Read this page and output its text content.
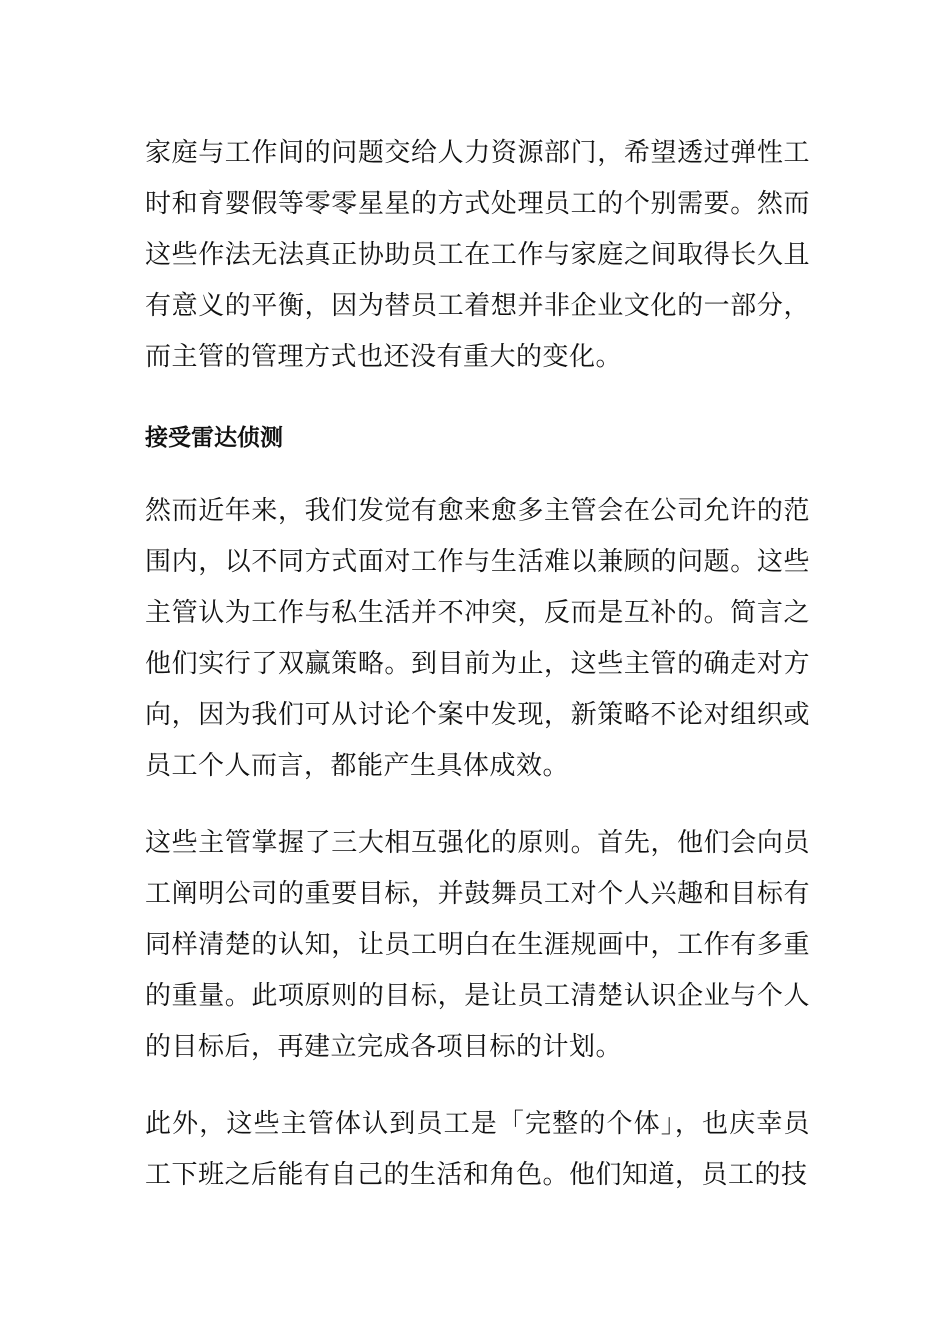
家庭与工作间的问题交给人力资源部门，希望透过弹性工时和育婴假等零零星星的方式处理员工的个别需要。然而这些作法无法真正协助员工在工作与家庭之间取得长久且有意义的平衡，因为替员工着想并非企业文化的一部分，而主管的管理方式也还没有重大的变化。

接受雷达侦测

然而近年来，我们发觉有愈来愈多主管会在公司允许的范围内，以不同方式面对工作与生活难以兼顾的问题。这些主管认为工作与私生活并不冲突，反而是互补的。简言之他们实行了双赢策略。到目前为止，这些主管的确走对方向，因为我们可从讨论个案中发现，新策略不论对组织或员工个人而言，都能产生具体成效。

这些主管掌握了三大相互强化的原则。首先，他们会向员工阐明公司的重要目标，并鼓舞员工对个人兴趣和目标有同样清楚的认知，让员工明白在生涯规画中，工作有多重的重量。此项原则的目标，是让员工清楚认识企业与个人的目标后，再建立完成各项目标的计划。

此外，这些主管体认到员工是「完整的个体」，也庆幸员工下班之后能有自己的生活和角色。他们知道，员工的技
